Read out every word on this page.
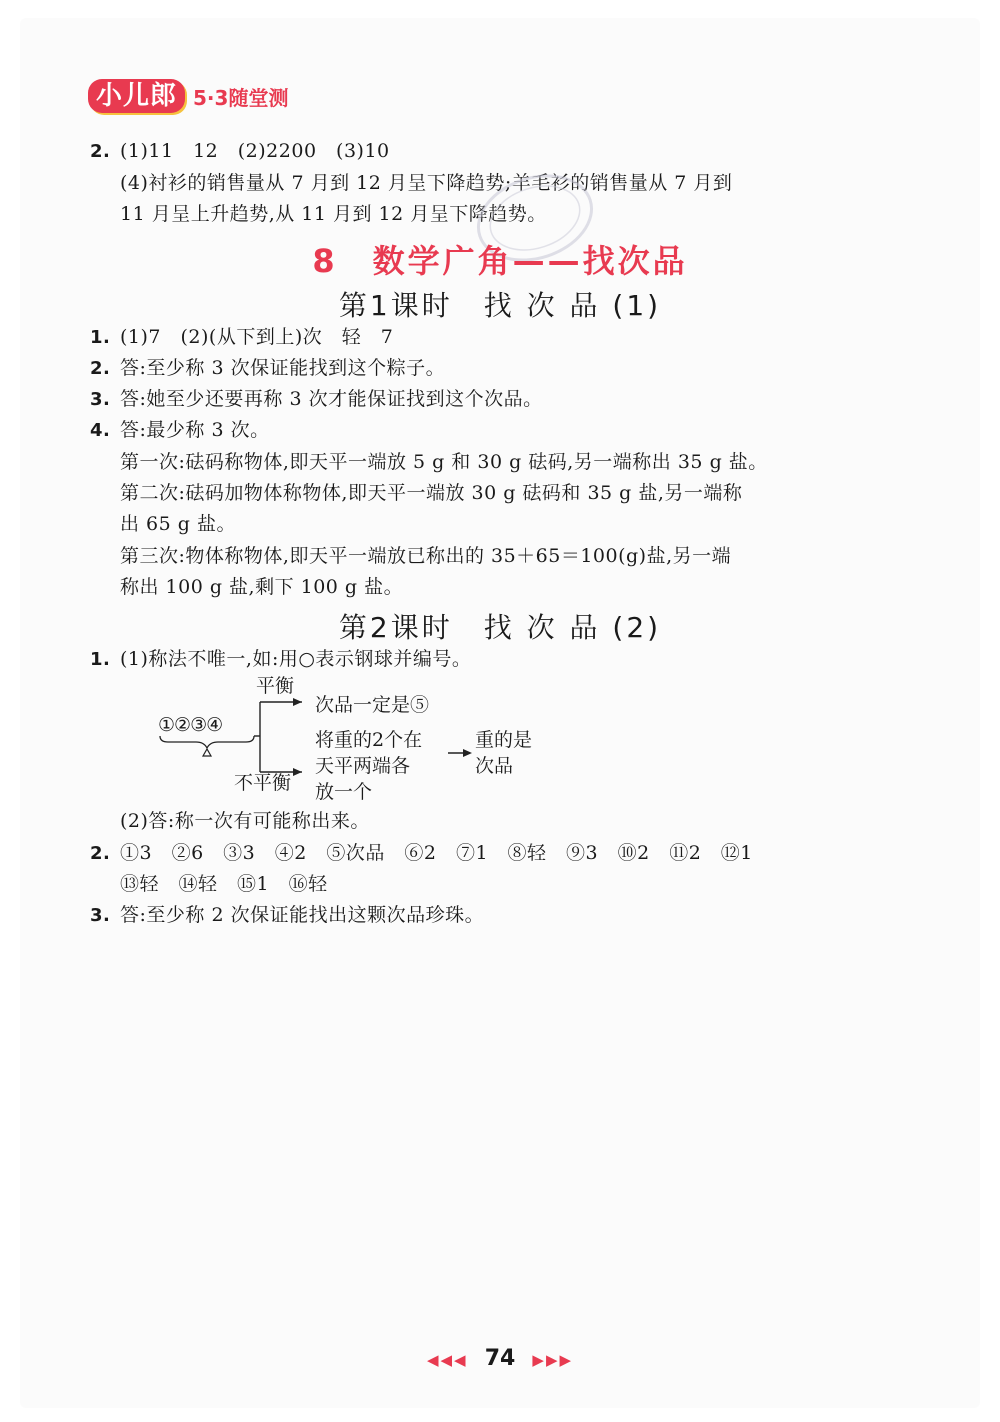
小儿郎 5·3随堂测
2. (1)11　12　(2)2200　(3)10
(4)衬衫的销售量从 7 月到 12 月呈下降趋势;羊毛衫的销售量从 7 月到
11 月呈上升趋势,从 11 月到 12 月呈下降趋势。
8　数学广角——找次品
第1课时　找 次 品 (1)
1. (1)7　(2)(从下到上)次　轻　7
2. 答:至少称 3 次保证能找到这个粽子。
3. 答:她至少还要再称 3 次才能保证找到这个次品。
4. 答:最少称 3 次。
第一次:砝码称物体,即天平一端放 5 g 和 30 g 砝码,另一端称出 35 g 盐。
第二次:砝码加物体称物体,即天平一端放 30 g 砝码和 35 g 盐,另一端称
出 65 g 盐。
第三次:物体称物体,即天平一端放已称出的 35＋65＝100(g)盐,另一端
称出 100 g 盐,剩下 100 g 盐。
第2课时　找 次 品 (2)
1. (1)称法不唯一,如:用○表示钢球并编号。
①②③④
平衡
不平衡
次品一定是⑤
将重的2个在
天平两端各
放一个
重的是
次品
(2)答:称一次有可能称出来。
2. ①3　②6　③3　④2　⑤次品　⑥2　⑦1　⑧轻　⑨3　⑩2　⑪2　⑫1
⑬轻　⑭轻　⑮1　⑯轻
3. 答:至少称 2 次保证能找出这颗次品珍珠。
◀◀◀ 74 ▶▶▶
